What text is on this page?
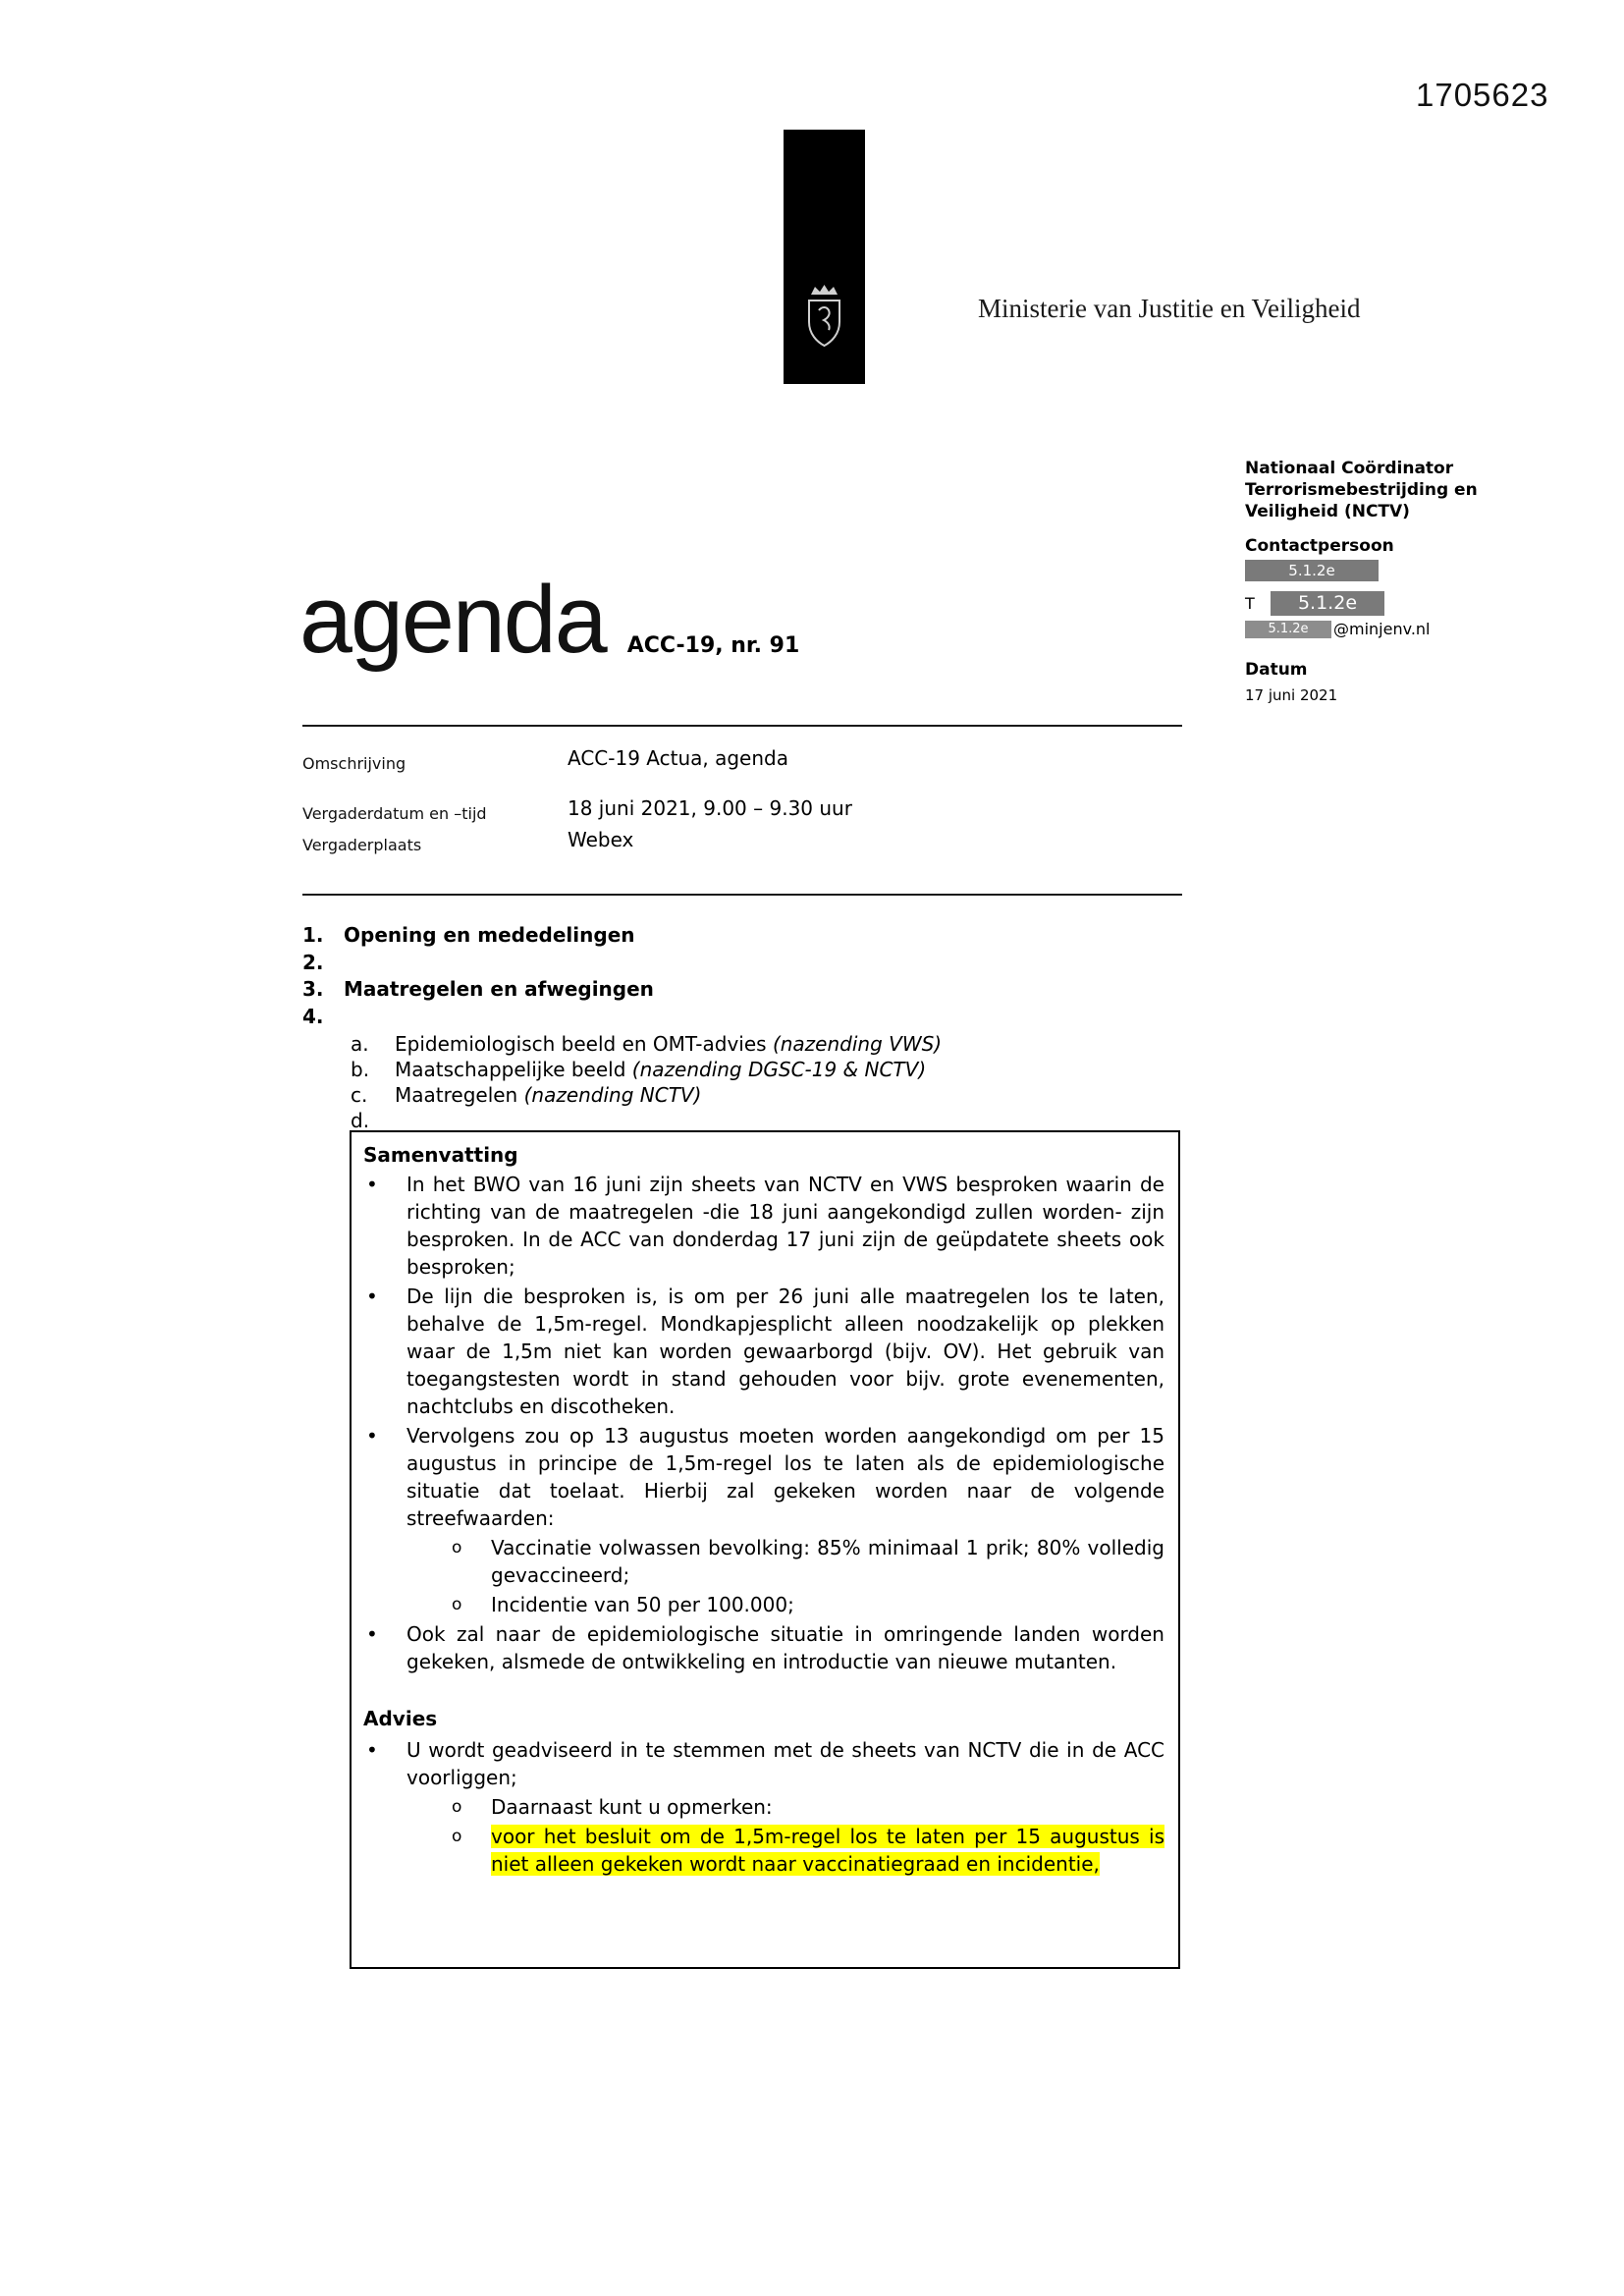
1705623
Ministerie van Justitie en Veiligheid
Nationaal Coördinator
Terrorismebestrijding en
Veiligheid (NCTV)
Contactpersoon
5.1.2e
T	5.1.2e
5.1.2e	@minjenv.nl
Datum
17 juni 2021
agenda ACC-19, nr. 91
Omschrijving	ACC-19 Actua, agenda
Vergaderdatum en –tijd	18 juni 2021, 9.00 – 9.30 uur
Vergaderplaats	Webex
1.	Opening en mededelingen
2.
3.	Maatregelen en afwegingen
4.
a.	Epidemiologisch beeld en OMT-advies (nazending VWS)
b.	Maatschappelijke beeld (nazending DGSC-19 & NCTV)
c.	Maatregelen (nazending NCTV)
d.
Samenvatting
•	In het BWO van 16 juni zijn sheets van NCTV en VWS besproken waarin de richting van de maatregelen -die 18 juni aangekondigd zullen worden- zijn besproken. In de ACC van donderdag 17 juni zijn de geüpdatete sheets ook besproken;
•	De lijn die besproken is, is om per 26 juni alle maatregelen los te laten, behalve de 1,5m-regel. Mondkapjesplicht alleen noodzakelijk op plekken waar de 1,5m niet kan worden gewaarborgd (bijv. OV). Het gebruik van toegangstesten wordt in stand gehouden voor bijv. grote evenementen, nachtclubs en discotheken.
•	Vervolgens zou op 13 augustus moeten worden aangekondigd om per 15 augustus in principe de 1,5m-regel los te laten als de epidemiologische situatie dat toelaat. Hierbij zal gekeken worden naar de volgende streefwaarden:
o	Vaccinatie volwassen bevolking: 85% minimaal 1 prik; 80% volledig gevaccineerd;
o	Incidentie van 50 per 100.000;
•	Ook zal naar de epidemiologische situatie in omringende landen worden gekeken, alsmede de ontwikkeling en introductie van nieuwe mutanten.
Advies
•	U wordt geadviseerd in te stemmen met de sheets van NCTV die in de ACC voorliggen;
o	Daarnaast kunt u opmerken:
o	voor het besluit om de 1,5m-regel los te laten per 15 augustus is niet alleen gekeken wordt naar vaccinatiegraad en incidentie,
